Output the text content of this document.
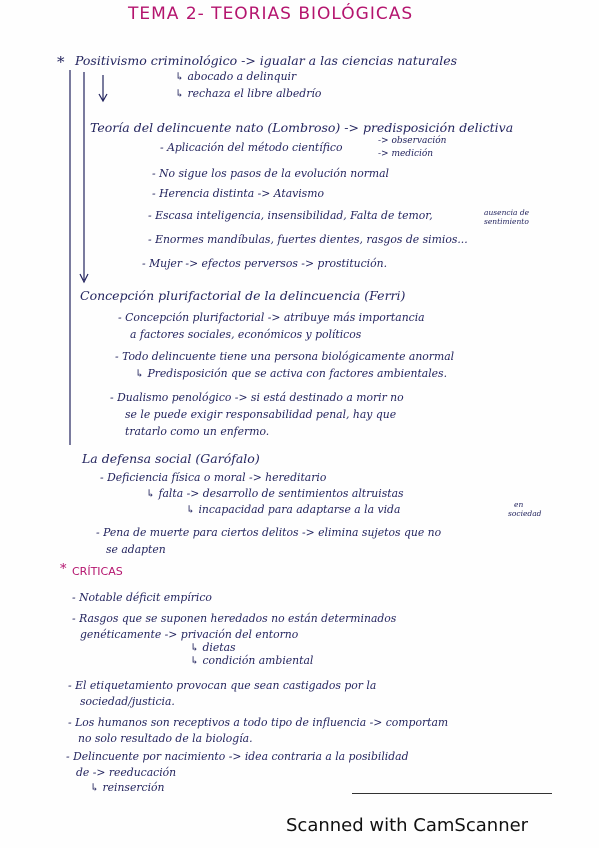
TEMA 2- TEORIAS BIOLÓGICAS
* Positivismo criminológico -> igualar a las ciencias naturales
↳ abocado a delinquir
↳ rechaza el libre albedrío
Teoría del delincuente nato (Lombroso) -> predisposición delictiva
- Aplicación del método científico	-> observación
-> medición
- No sigue los pasos de la evolución normal
- Herencia distinta -> Atavismo
- Escasa inteligencia, insensibilidad, Falta de temor,	ausencia de
sentimiento
- Enormes mandíbulas, fuertes dientes, rasgos de simios...
- Mujer -> efectos perversos -> prostitución.
Concepción plurifactorial de la delincuencia (Ferri)
- Concepción plurifactorial -> atribuye más importancia
a factores sociales, económicos y políticos
- Todo delincuente tiene una persona biológicamente anormal
↳ Predisposición que se activa con factores ambientales.
- Dualismo penológico -> si está destinado a morir no
se le puede exigir responsabilidad penal, hay que
tratarlo como un enfermo.
La defensa social (Garófalo)
- Deficiencia física o moral -> hereditario
↳ falta -> desarrollo de sentimientos altruistas
↳ incapacidad para adaptarse a la vida	en
sociedad
- Pena de muerte para ciertos delitos -> elimina sujetos que no
se adapten
* CRÍTICAS
- Notable déficit empírico
- Rasgos que se suponen heredados no están determinados
genéticamente -> privación del entorno
↳ dietas
↳ condición ambiental
- El etiquetamiento provocan que sean castigados por la
sociedad/justicia.
- Los humanos son receptivos a todo tipo de influencia -> comportam
no solo resultado de la biología.
- Delincuente por nacimiento -> idea contraria a la posibilidad
de -> reeducación
↳ reinserción
Scanned with CamScanner
